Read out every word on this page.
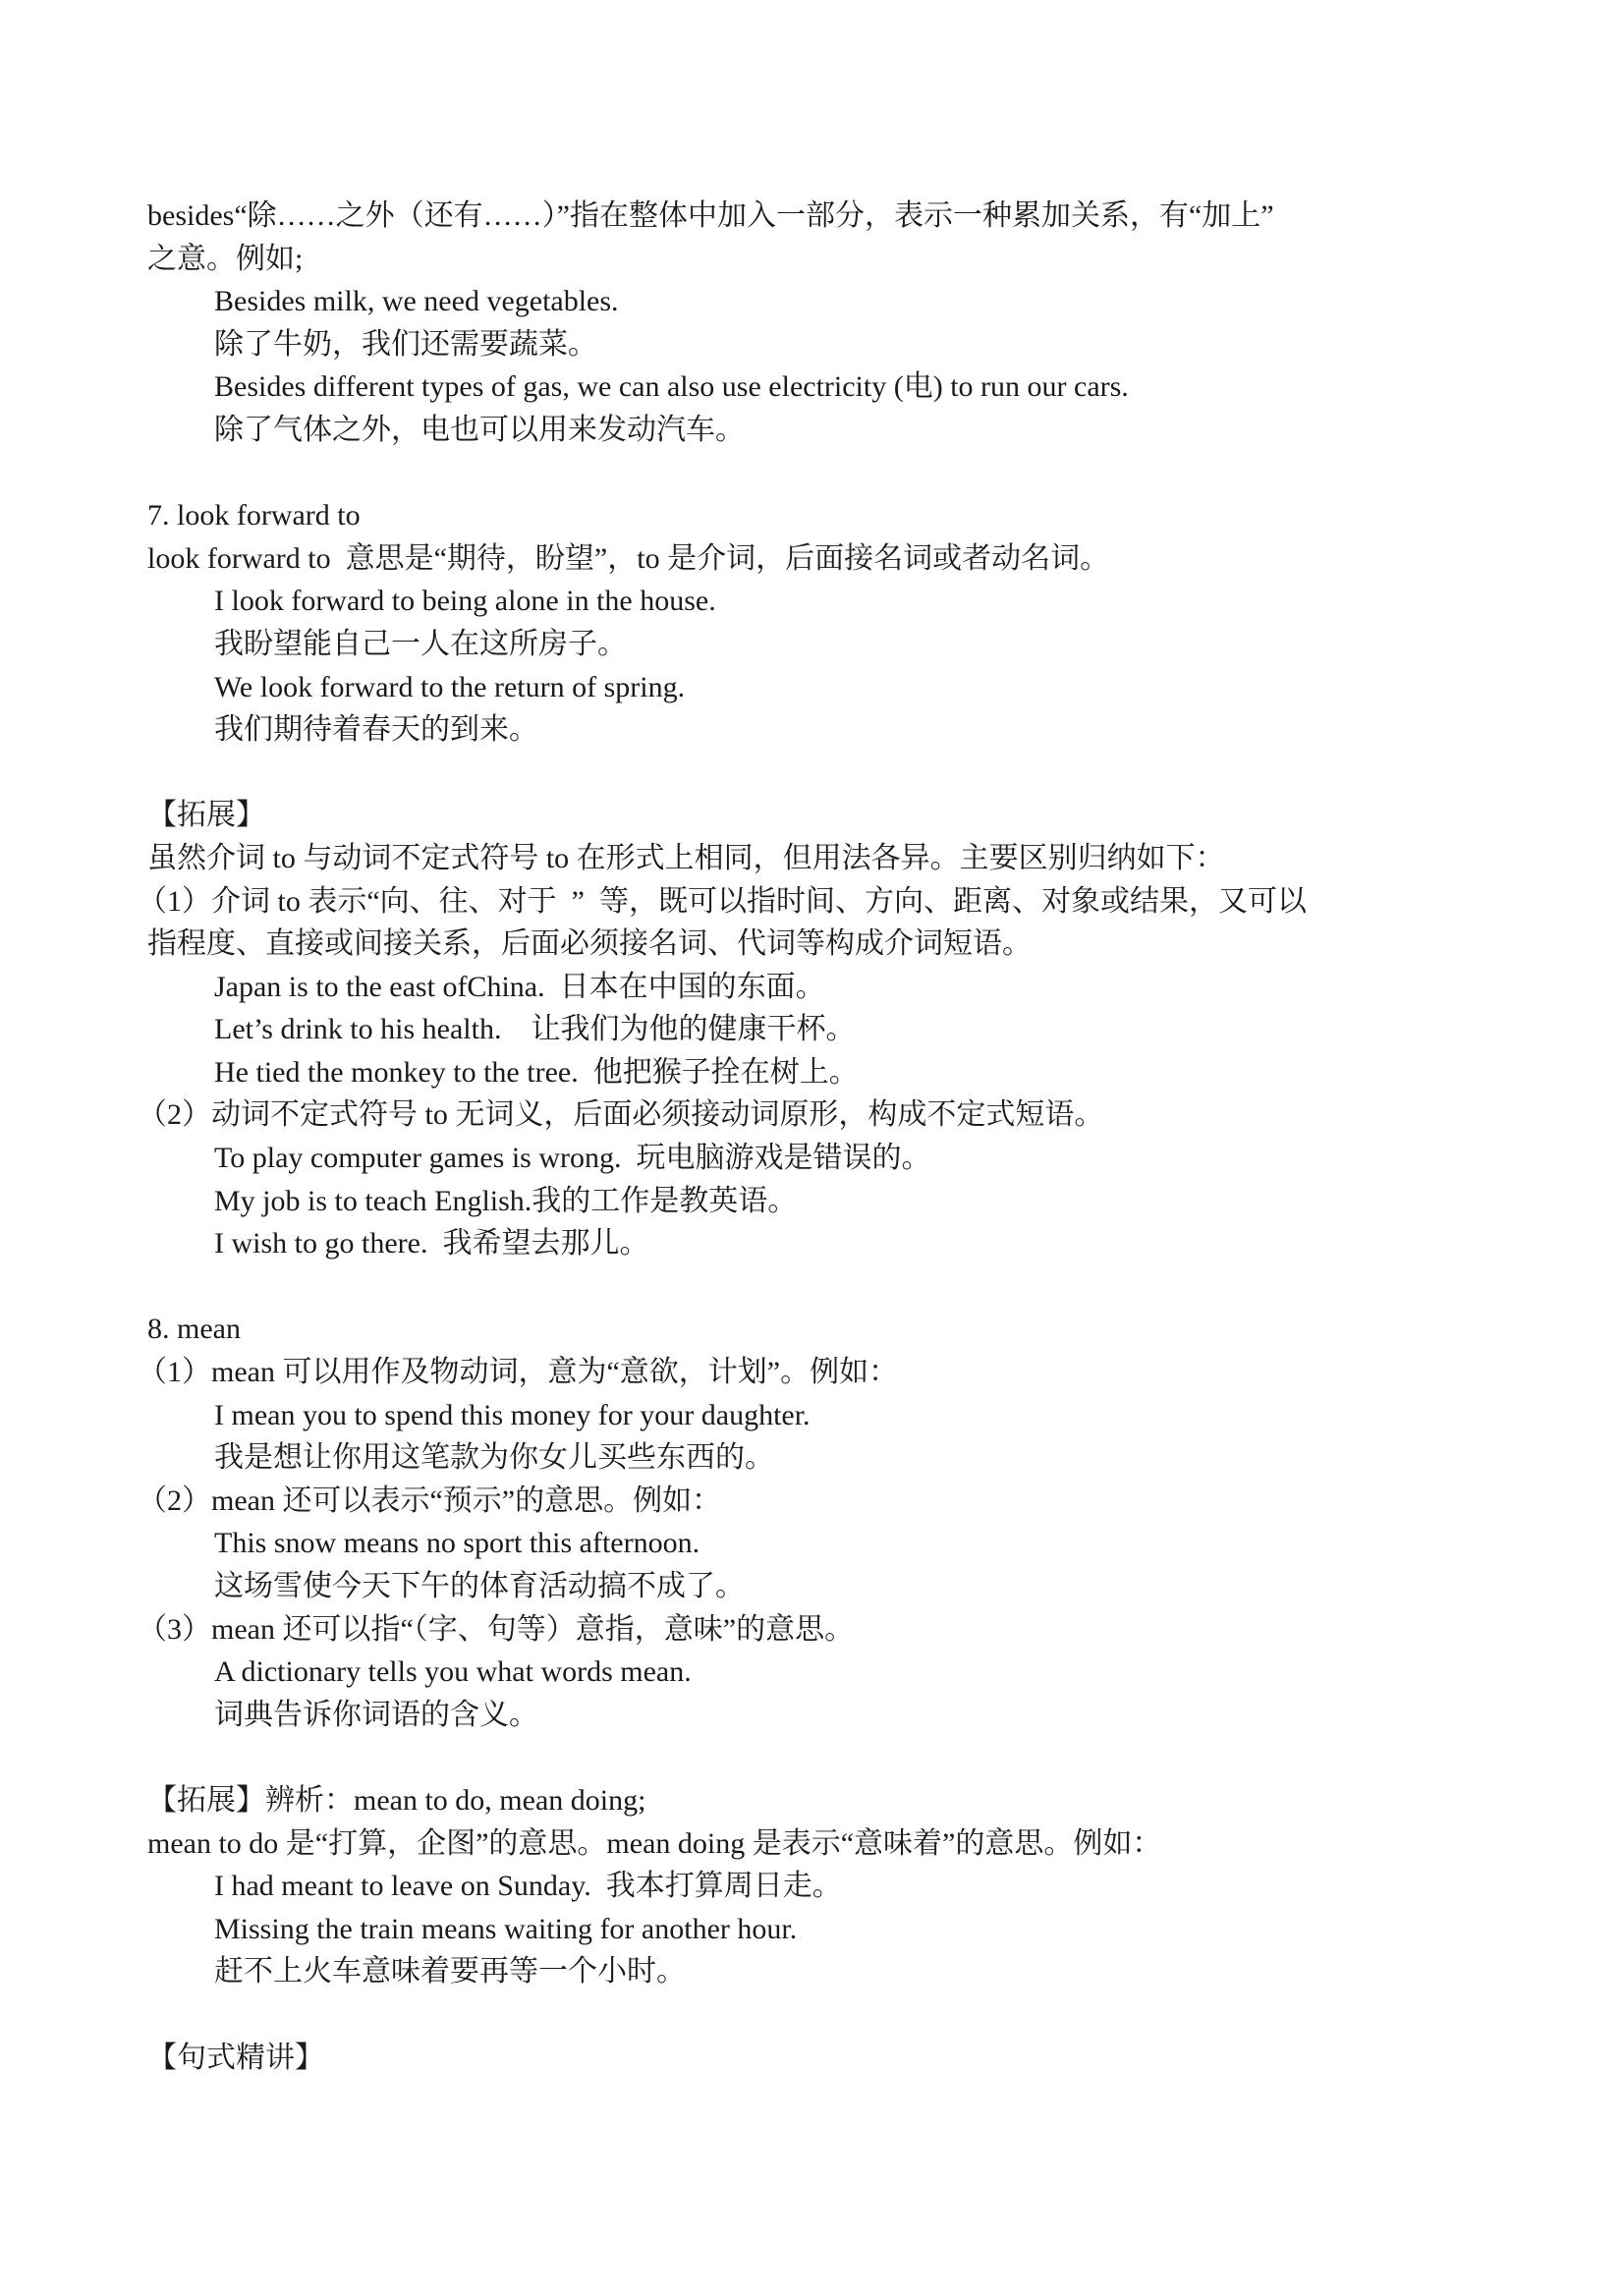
besides“除……之外（还有……）”指在整体中加入一部分，表示一种累加关系，有“加上”
之意。例如;
Besides milk, we need vegetables.
除了牛奶，我们还需要蔬菜。
Besides different types of gas, we can also use electricity (电) to run our cars.
除了气体之外，电也可以用来发动汽车。
7. look forward to
look forward to  意思是“期待，盼望”，to 是介词，后面接名词或者动名词。
I look forward to being alone in the house.
我盼望能自己一人在这所房子。
We look forward to the return of spring.
我们期待着春天的到来。
【拓展】
虽然介词 to 与动词不定式符号 to 在形式上相同，但用法各异。主要区别归纳如下：
（1）介词 to 表示“向、往、对于  ”  等，既可以指时间、方向、距离、对象或结果，又可以
指程度、直接或间接关系，后面必须接名词、代词等构成介词短语。
Japan is to the east ofChina.  日本在中国的东面。
Let’s drink to his health.    让我们为他的健康干杯。
He tied the monkey to the tree.  他把猴子拴在树上。
（2）动词不定式符号 to 无词义，后面必须接动词原形，构成不定式短语。
To play computer games is wrong.  玩电脑游戏是错误的。
My job is to teach English.我的工作是教英语。
I wish to go there.  我希望去那儿。
8. mean
（1）mean 可以用作及物动词，意为“意欲，计划”。例如：
I mean you to spend this money for your daughter.
我是想让你用这笔款为你女儿买些东西的。
（2）mean 还可以表示“预示”的意思。例如：
This snow means no sport this afternoon.
这场雪使今天下午的体育活动搞不成了。
（3）mean 还可以指“（字、句等）意指，意味”的意思。
A dictionary tells you what words mean.
词典告诉你词语的含义。
【拓展】辨析：mean to do, mean doing;
mean to do 是“打算，企图”的意思。mean doing 是表示“意味着”的意思。例如：
I had meant to leave on Sunday.  我本打算周日走。
Missing the train means waiting for another hour.
赶不上火车意味着要再等一个小时。
【句式精讲】
